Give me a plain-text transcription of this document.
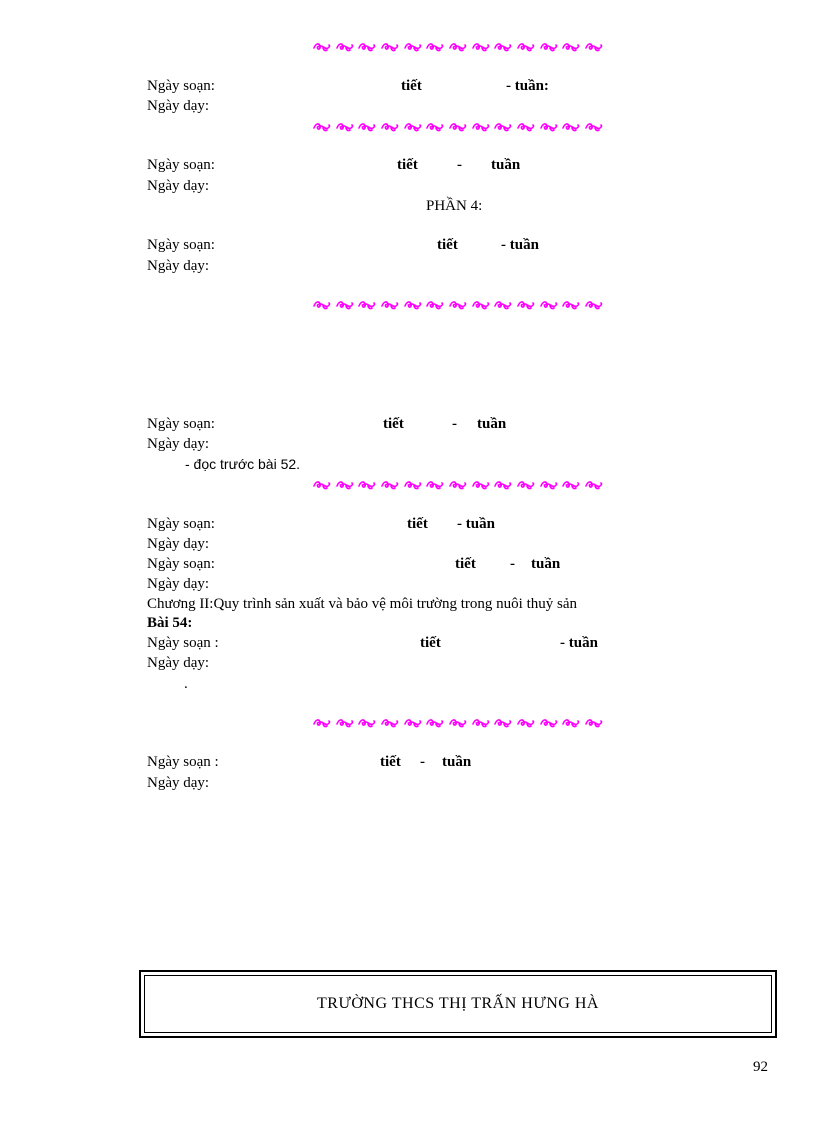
Ngày soạn:	tiết	- tuần:
Ngày dạy:
Ngày soạn:	tiết	- tuần
Ngày dạy:
PHẦN 4:
Ngày soạn:	tiết	- tuần
Ngày dạy:
Ngày soạn:	tiết	- tuần
Ngày dạy:
- đọc trước bài 52.
Ngày soạn:	tiết - tuần
Ngày dạy:
Ngày soạn:	tiết - tuần
Ngày dạy:
Chương II:Quy trình sản xuất và bảo vệ môi trường trong nuôi thuỷ sản
Bài 54:
Ngày soạn :	tiết	- tuần
Ngày dạy:
.
Ngày soạn :	tiết - tuần
Ngày dạy:
TRƯỜNG THCS THỊ TRẤN HƯNG HÀ
92
